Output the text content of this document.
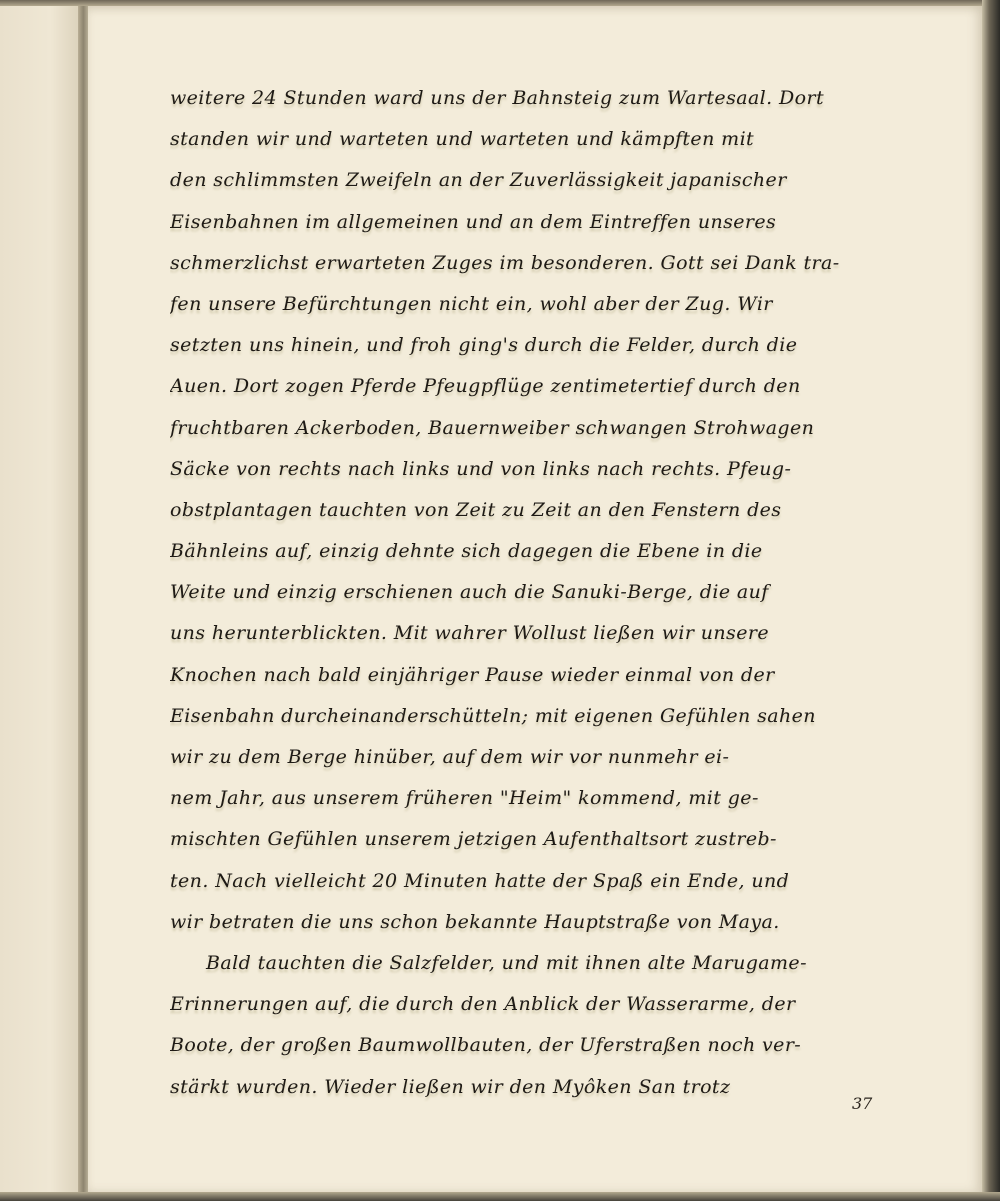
weitere 24 Stunden ward uns der Bahnsteig zum Wartesaal. Dort
standen wir und warteten und warteten und kämpften mit
den schlimmsten Zweifeln an der Zuverlässigkeit japanischer
Eisenbahnen im allgemeinen und an dem Eintreffen unseres
schmerzlichst erwarteten Zuges im besonderen. Gott sei Dank tra-
fen unsere Befürchtungen nicht ein, wohl aber der Zug. Wir
setzten uns hinein, und froh ging's durch die Felder, durch die
Auen. Dort zogen Pferde Pfeugpflüge zentimetertief durch den
fruchtbaren Ackerboden, Bauernweiber schwangen Strohwagen
Säcke von rechts nach links und von links nach rechts. Pfeug-
obstplantagen tauchten von Zeit zu Zeit an den Fenstern des
Bähnleins auf, einzig dehnte sich dagegen die Ebene in die
Weite und einzig erschienen auch die Sanuki-Berge, die auf
uns herunterblickten. Mit wahrer Wollust ließen wir unsere
Knochen nach bald einjähriger Pause wieder einmal von der
Eisenbahn durcheinanderschütteln; mit eigenen Gefühlen sahen
wir zu dem Berge hinüber, auf dem wir vor nunmehr ei-
nem Jahr, aus unserem früheren "Heim" kommend, mit ge-
mischten Gefühlen unserem jetzigen Aufenthaltsort zustreb-
ten. Nach vielleicht 20 Minuten hatte der Spaß ein Ende, und
wir betraten die uns schon bekannte Hauptstraße von Maya.
Bald tauchten die Salzfelder, und mit ihnen alte Marugame-
Erinnerungen auf, die durch den Anblick der Wasserarme, der
Boote, der großen Baumwollbauten, der Uferstraßen noch ver-
stärkt wurden. Wieder ließen wir den Myôken San trotz
37
